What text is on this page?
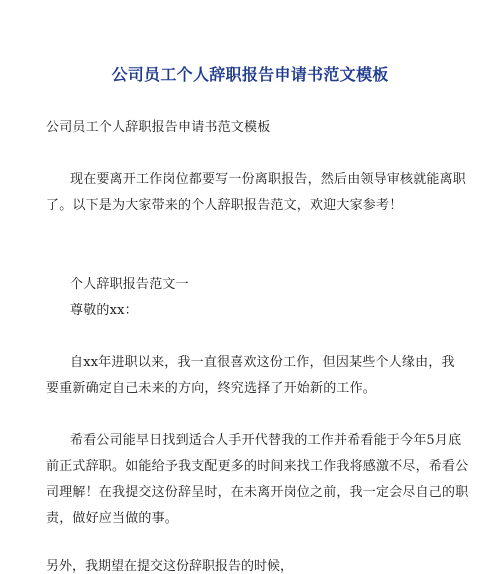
公司员工个人辞职报告申请书范文模板
公司员工个人辞职报告申请书范文模板
现在要离开工作岗位都要写一份离职报告，然后由领导审核就能离职
了。以下是为大家带来的个人辞职报告范文，欢迎大家参考！
个人辞职报告范文一
尊敬的xx：
自xx年进职以来，我一直很喜欢这份工作，但因某些个人缘由，我
要重新确定自己未来的方向，终究选择了开始新的工作。
希看公司能早日找到适合人手开代替我的工作并希看能于今年5月底
前正式辞职。如能给予我支配更多的时间来找工作我将感激不尽，希看公
司理解！在我提交这份辞呈时，在未离开岗位之前，我一定会尽自己的职
责，做好应当做的事。
另外，我期望在提交这份辞职报告的时候，
